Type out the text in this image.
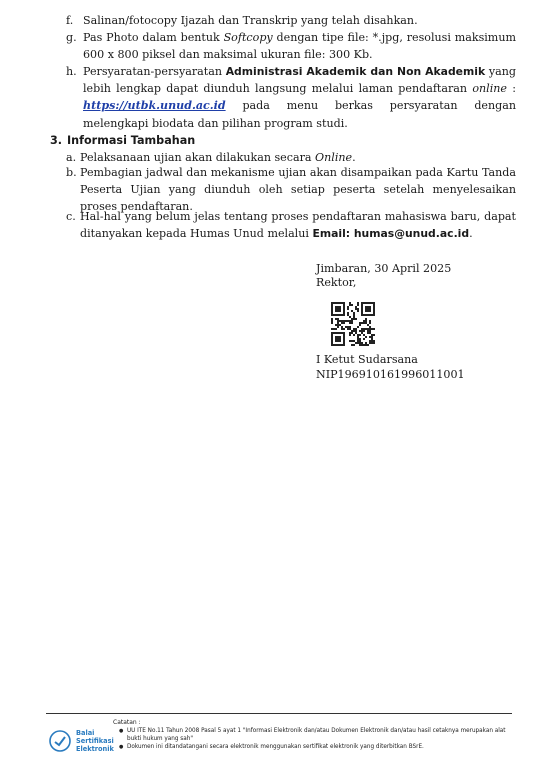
f. Salinan/fotocopy Ijazah dan Transkrip yang telah disahkan.
g. Pas Photo dalam bentuk Softcopy dengan tipe file: *.jpg, resolusi maksimum 600 x 800 piksel dan maksimal ukuran file: 300 Kb.
h. Persyaratan-persyaratan Administrasi Akademik dan Non Akademik yang lebih lengkap dapat diunduh langsung melalui laman pendaftaran online : https://utbk.unud.ac.id pada menu berkas persyaratan dengan melengkapi biodata dan pilihan program studi.
3. Informasi Tambahan
a. Pelaksanaan ujian akan dilakukan secara Online.
b. Pembagian jadwal dan mekanisme ujian akan disampaikan pada Kartu Tanda Peserta Ujian yang diunduh oleh setiap peserta setelah menyelesaikan proses pendaftaran.
c. Hal-hal yang belum jelas tentang proses pendaftaran mahasiswa baru, dapat ditanyakan kepada Humas Unud melalui Email: humas@unud.ac.id.
Jimbaran, 30 April 2025
Rektor,
I Ketut Sudarsana
NIP196910161996011001
Balai
Sertifikasi
Elektronik
Catatan :
● UU ITE No.11 Tahun 2008 Pasal 5 ayat 1 "Informasi Elektronik dan/atau Dokumen Elektronik dan/atau hasil cetaknya merupakan alat bukti hukum yang sah"
● Dokumen ini ditandatangani secara elektronik menggunakan sertifikat elektronik yang diterbitkan BSrE.
